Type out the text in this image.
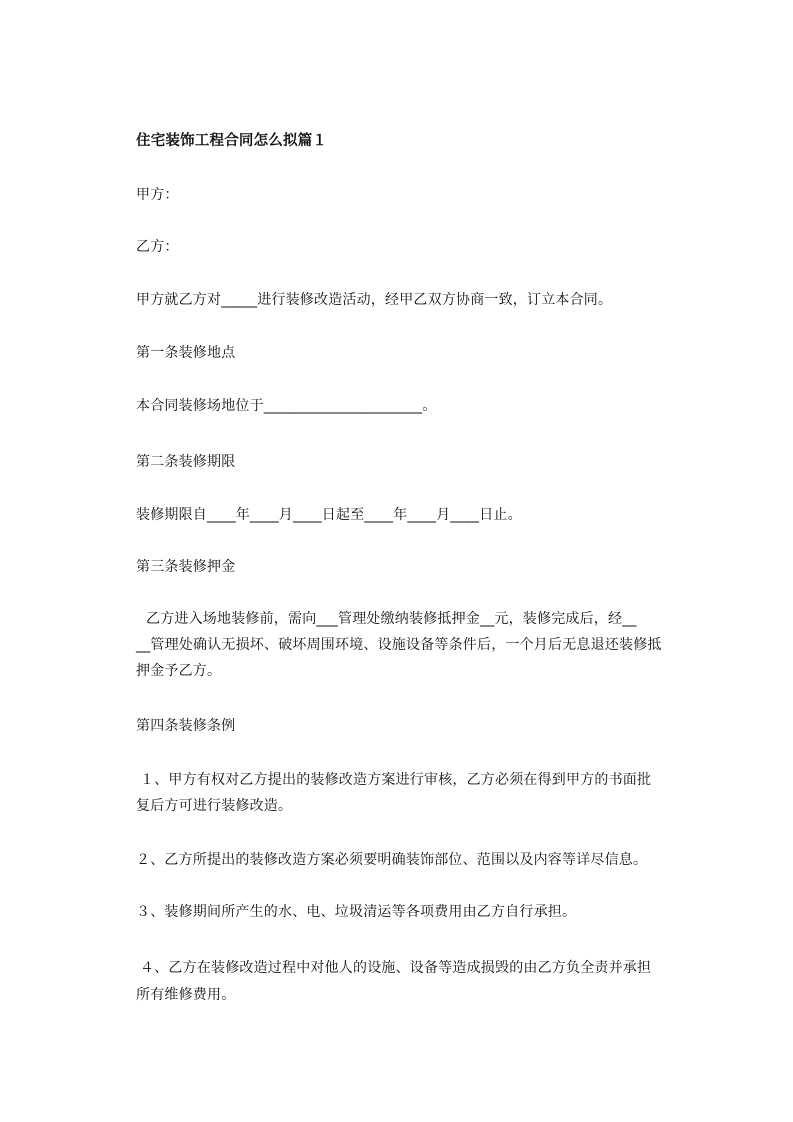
住宅装饰工程合同怎么拟篇１
甲方：
乙方：
甲方就乙方对_____进行装修改造活动，经甲乙双方协商一致，订立本合同。
第一条装修地点
本合同装修场地位于______________________。
第二条装修期限
装修期限自____年____月____日起至____年____月____日止。
第三条装修押金
乙方进入场地装修前，需向___管理处缴纳装修抵押金__元，装修完成后，经__
__管理处确认无损坏、破坏周围环境、设施设备等条件后，一个月后无息退还装修抵
押金予乙方。
第四条装修条例
１、甲方有权对乙方提出的装修改造方案进行审核，乙方必须在得到甲方的书面批
复后方可进行装修改造。
２、乙方所提出的装修改造方案必须要明确装饰部位、范围以及内容等详尽信息。
３、装修期间所产生的水、电、垃圾清运等各项费用由乙方自行承担。
４、乙方在装修改造过程中对他人的设施、设备等造成损毁的由乙方负全责并承担
所有维修费用。
